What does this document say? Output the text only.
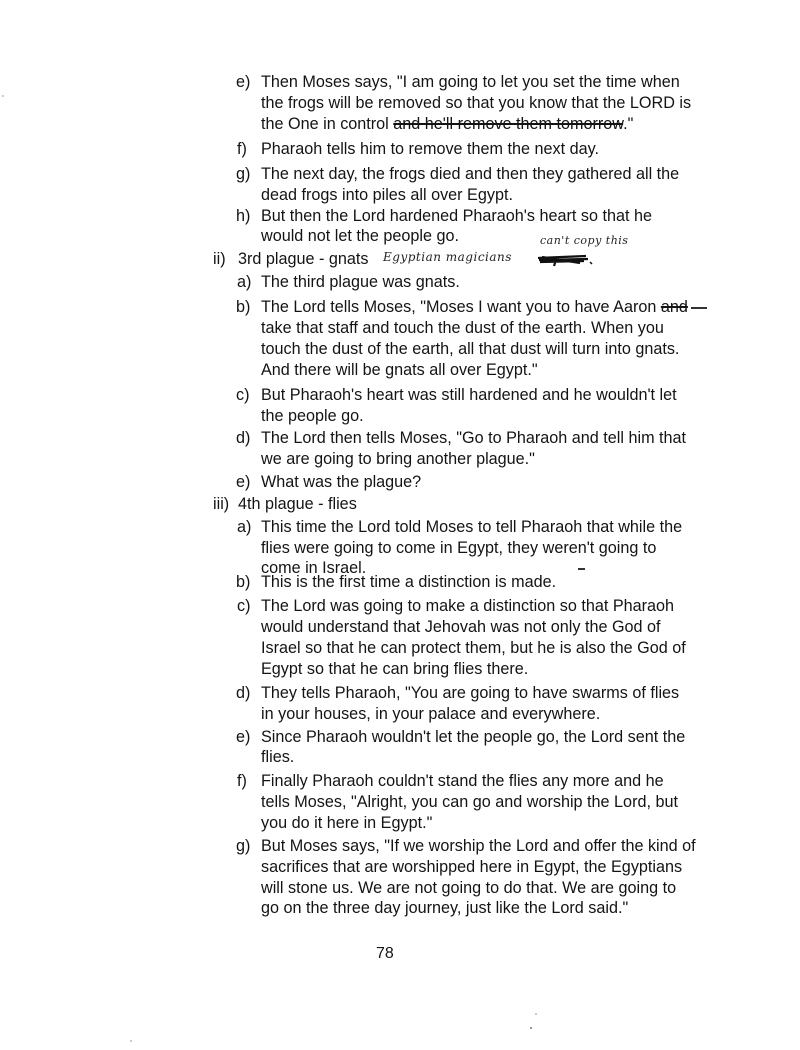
e) Then Moses says, "I am going to let you set the time when
the frogs will be removed so that you know that the LORD is
the One in control and he'll remove them tomorrow."
f) Pharaoh tells him to remove them the next day.
g) The next day, the frogs died and then they gathered all the
dead frogs into piles all over Egypt.
h) But then the Lord hardened Pharaoh's heart so that he
would not let the people go.
ii) 3rd plague - gnats Egyptian magicians
can't copy this
a) The third plague was gnats.
b) The Lord tells Moses, "Moses I want you to have Aaron and
take that staff and touch the dust of the earth. When you
touch the dust of the earth, all that dust will turn into gnats.
And there will be gnats all over Egypt."
c) But Pharaoh's heart was still hardened and he wouldn't let
the people go.
d) The Lord then tells Moses, "Go to Pharaoh and tell him that
we are going to bring another plague."
e) What was the plague?
iii) 4th plague - flies
a) This time the Lord told Moses to tell Pharaoh that while the
flies were going to come in Egypt, they weren't going to
come in Israel.
b) This is the first time a distinction is made.
c) The Lord was going to make a distinction so that Pharaoh
would understand that Jehovah was not only the God of
Israel so that he can protect them, but he is also the God of
Egypt so that he can bring flies there.
d) They tells Pharaoh, "You are going to have swarms of flies
in your houses, in your palace and everywhere.
e) Since Pharaoh wouldn't let the people go, the Lord sent the
flies.
f) Finally Pharaoh couldn't stand the flies any more and he
tells Moses, "Alright, you can go and worship the Lord, but
you do it here in Egypt."
g) But Moses says, "If we worship the Lord and offer the kind of
sacrifices that are worshipped here in Egypt, the Egyptians
will stone us. We are not going to do that. We are going to
go on the three day journey, just like the Lord said."
78
